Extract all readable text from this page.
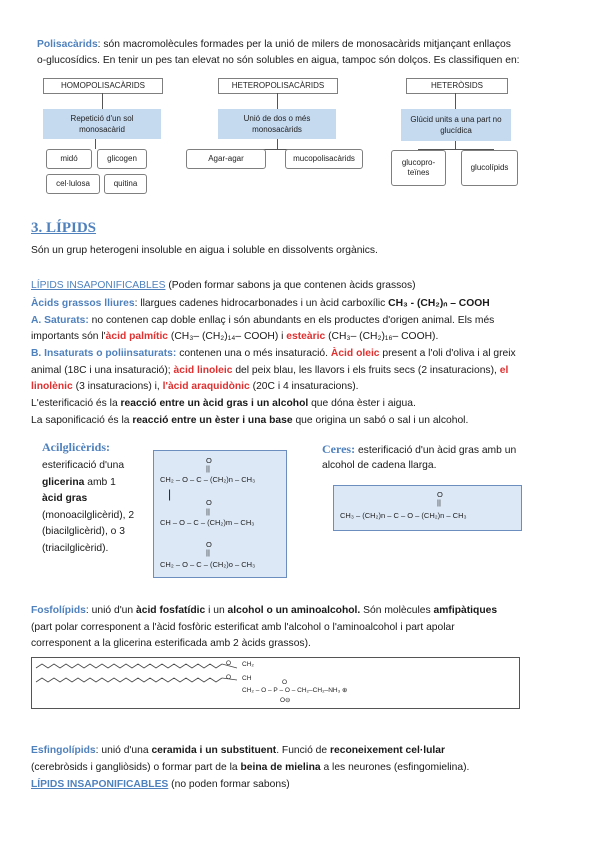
Polisacàrids: són macromolècules formades per la unió de milers de monosacàrids mitjançant enllaços
o-glucosídics. En tenir un pes tan elevat no són solubles en aigua, tampoc són dolços. Es classifiquen en:
HOMOPOLISACÀRIDS
Repetició d'un sol monosacàrid
midó	glicogen
cel·lulosa	quitina
HETEROPOLISACÀRIDS
Unió de dos o més monosacàrids
Agar-agar	mucopolisacàrids
HETERÒSIDS
Glúcid units a una part no glucídica
glucopro-teïnes
glucolípids
3. LÍPIDS
Són un grup heterogeni insoluble en aigua i soluble en dissolvents orgànics.
LÍPIDS INSAPONIFICABLES (Poden formar sabons ja que contenen àcids grassos)
Àcids grassos lliures: llargues cadenes hidrocarbonades i un àcid carboxílic CH₃ - (CH₂)ₙ – COOH
A. Saturats: no contenen cap doble enllaç i són abundants en els productes d'origen animal. Els més
importants són l'àcid palmític (CH₃– (CH₂)₁₄– COOH) i esteàric (CH₃– (CH₂)₁₆– COOH).
B. Insaturats o poliinsaturats: contenen una o més insaturació. Àcid oleic present a l'oli d'oliva i al greix
animal (18C i una insaturació); àcid linoleic del peix blau, les llavors i els fruits secs (2 insaturacions), el
linolènic (3 insaturacions) i, l'àcid araquidònic (20C i 4 insaturacions).
L'esterificació és la reacció entre un àcid gras i un alcohol que dóna èster i aigua.
La saponificació és la reacció entre un èster i una base que origina un sabó o sal i un alcohol.
Acilglicèrids:
esterificació d'una
glicerina amb 1
àcid gras
(monoacilglicèrid), 2
(biacilglicèrid), o 3
(triacilglicèrid).
O
||
CH₂ – O – C – (CH₂)n – CH₃
|
O
||
CH – O – C – (CH₂)m – CH₃
O
||
CH₂ – O – C – (CH₂)o – CH₃
Ceres: esterificació d'un àcid gras amb un
alcohol de cadena llarga.
O
||
CH₃ – (CH₂)n – C – O – (CH₂)n – CH₃
Fosfolípids: unió d'un àcid fosfatídic i un alcohol o un aminoalcohol. Són molècules amfipàtiques
(part polar corresponent a l'àcid fosfòric esterificat amb l'alcohol o l'aminoalcohol i part apolar
corresponent a la glicerina esterificada amb 2 àcids grassos).
O
O
CH₂
CH
CH₂ – O – P – O – CH₂–CH₂–NH₃ ⊕
O
O⊖
Esfingolípids: unió d'una ceramida i un substituent. Funció de reconeixement cel·lular
(cerebròsids i gangliòsids) o formar part de la beina de mielina a les neurones (esfingomielina).
LÍPIDS INSAPONIFICABLES (no poden formar sabons)
